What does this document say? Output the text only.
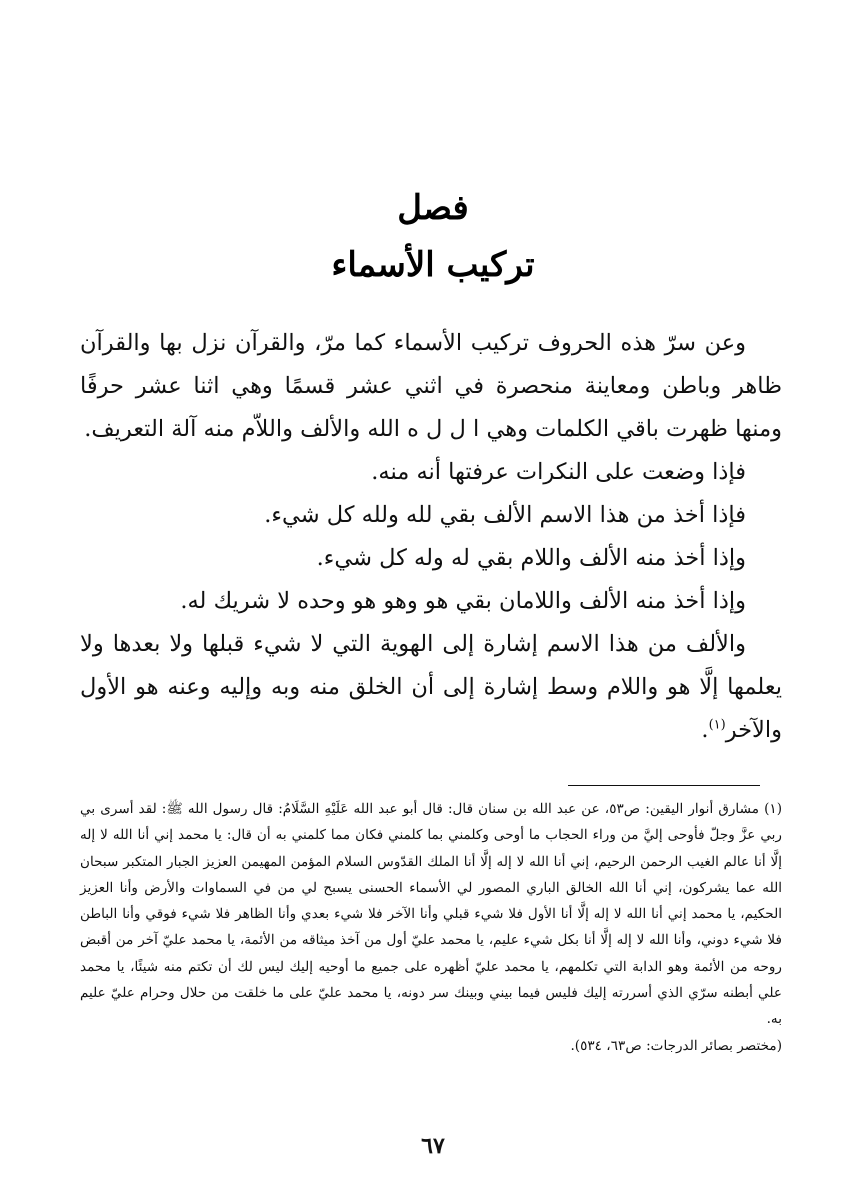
فصل
تركيب الأسماء

وعن سرّ هذه الحروف تركيب الأسماء كما مرّ، والقرآن نزل بها والقرآن ظاهر وباطن ومعاينة منحصرة في اثني عشر قسمًا وهي اثنا عشر حرفًا ومنها ظهرت باقي الكلمات وهي ا ل ل ه الله والألف واللاّم منه آلة التعريف.

فإذا وضعت على النكرات عرفتها أنه منه.

فإذا أخذ من هذا الاسم الألف بقي لله ولله كل شيء.

وإذا أخذ منه الألف واللام بقي له وله كل شيء.

وإذا أخذ منه الألف واللامان بقي هو وهو هو وحده لا شريك له.

والألف من هذا الاسم إشارة إلى الهوية التي لا شيء قبلها ولا بعدها ولا يعلمها إلَّا هو واللام وسط إشارة إلى أن الخلق منه وبه وإليه وعنه هو الأول والآخر$^{(١)}$.

(١) مشارق أنوار اليقين: ص٥٣، عن عبد الله بن سنان قال: قال أبو عبد الله عَلَيْهِ السَّلَامُ: قال رسول الله ﷺ: لقد أسرى بي ربي عزَّ وجلّ فأوحى إليَّ من وراء الحجاب ما أوحى وكلمني بما كلمني فكان مما كلمني به أن قال: يا محمد إني أنا الله لا إله إلَّا أنا عالم الغيب الرحمن الرحيم، إني أنا الله لا إله إلَّا أنا الملك القدّوس السلام المؤمن المهيمن العزيز الجبار المتكبر سبحان الله عما يشركون، إني أنا الله الخالق الباري المصور لي الأسماء الحسنى يسبح لي من في السماوات والأرض وأنا العزيز الحكيم، يا محمد إني أنا الله لا إله إلَّا أنا الأول فلا شيء قبلي وأنا الآخر فلا شيء بعدي وأنا الظاهر فلا شيء فوقي وأنا الباطن فلا شيء دوني، وأنا الله لا إله إلَّا أنا بكل شيء عليم، يا محمد عليّ أول من آخذ ميثاقه من الأئمة، يا محمد عليّ آخر من أقبض روحه من الأئمة وهو الدابة التي تكلمهم، يا محمد عليّ أظهره على جميع ما أوحيه إليك ليس لك أن تكتم منه شيئًا، يا محمد علي أبطنه سرّي الذي أسررته إليك فليس فيما بيني وبينك سر دونه، يا محمد عليّ على ما خلقت من حلال وحرام عليّ عليم به.

(مختصر بصائر الدرجات: ص٦٣، ٥٣٤).

٦٧
